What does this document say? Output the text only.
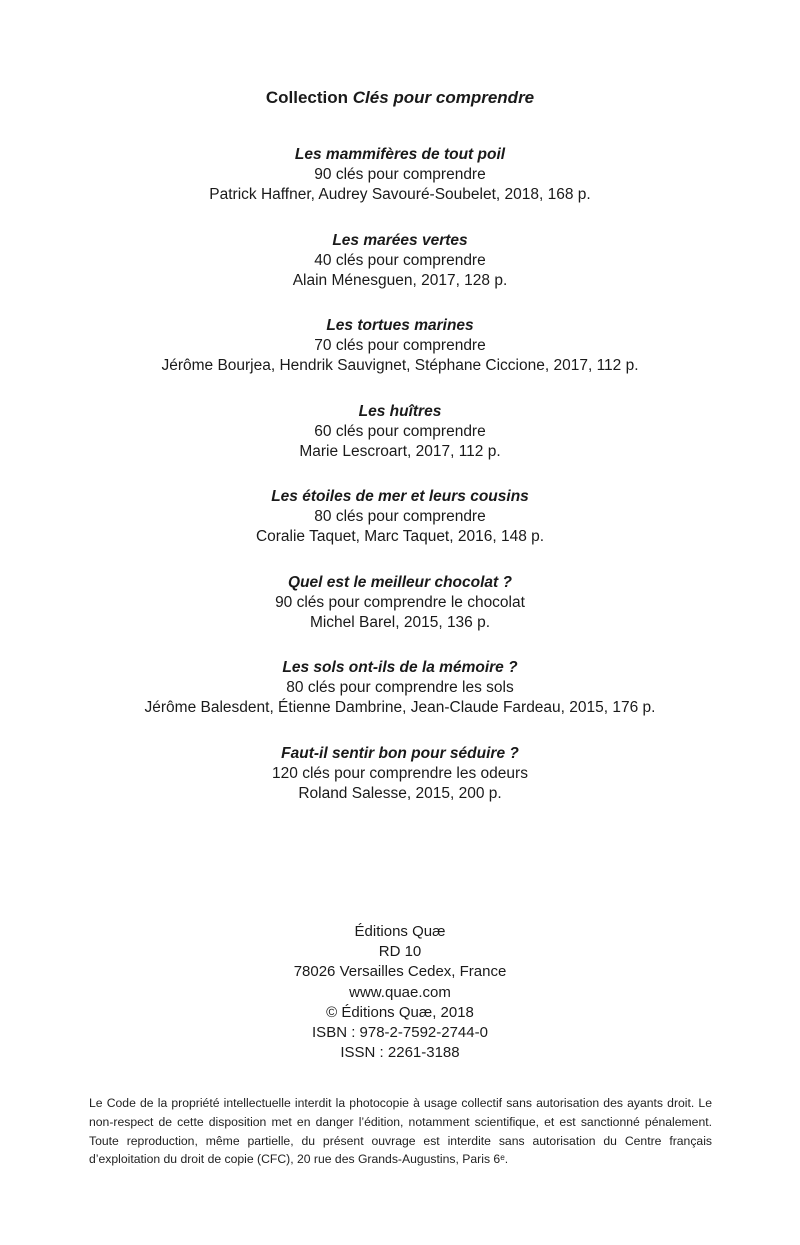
Collection Clés pour comprendre
Les mammifères de tout poil
90 clés pour comprendre
Patrick Haffner, Audrey Savouré-Soubelet, 2018, 168 p.
Les marées vertes
40 clés pour comprendre
Alain Ménesguen, 2017, 128 p.
Les tortues marines
70 clés pour comprendre
Jérôme Bourjea, Hendrik Sauvignet, Stéphane Ciccione, 2017, 112 p.
Les huîtres
60 clés pour comprendre
Marie Lescroart, 2017, 112 p.
Les étoiles de mer et leurs cousins
80 clés pour comprendre
Coralie Taquet, Marc Taquet, 2016, 148 p.
Quel est le meilleur chocolat ?
90 clés pour comprendre le chocolat
Michel Barel, 2015, 136 p.
Les sols ont-ils de la mémoire ?
80 clés pour comprendre les sols
Jérôme Balesdent, Étienne Dambrine, Jean-Claude Fardeau, 2015, 176 p.
Faut-il sentir bon pour séduire ?
120 clés pour comprendre les odeurs
Roland Salesse, 2015, 200 p.
Éditions Quæ
RD 10
78026 Versailles Cedex, France
www.quae.com
© Éditions Quæ, 2018
ISBN : 978-2-7592-2744-0
ISSN : 2261-3188

Le Code de la propriété intellectuelle interdit la photocopie à usage collectif sans autorisation des ayants droit. Le non-respect de cette disposition met en danger l’édition, notamment scientifique, et est sanctionné pénalement. Toute reproduction, même partielle, du présent ouvrage est interdite sans autorisation du Centre français d’exploitation du droit de copie (CFC), 20 rue des Grands-Augustins, Paris 6ᵉ.
